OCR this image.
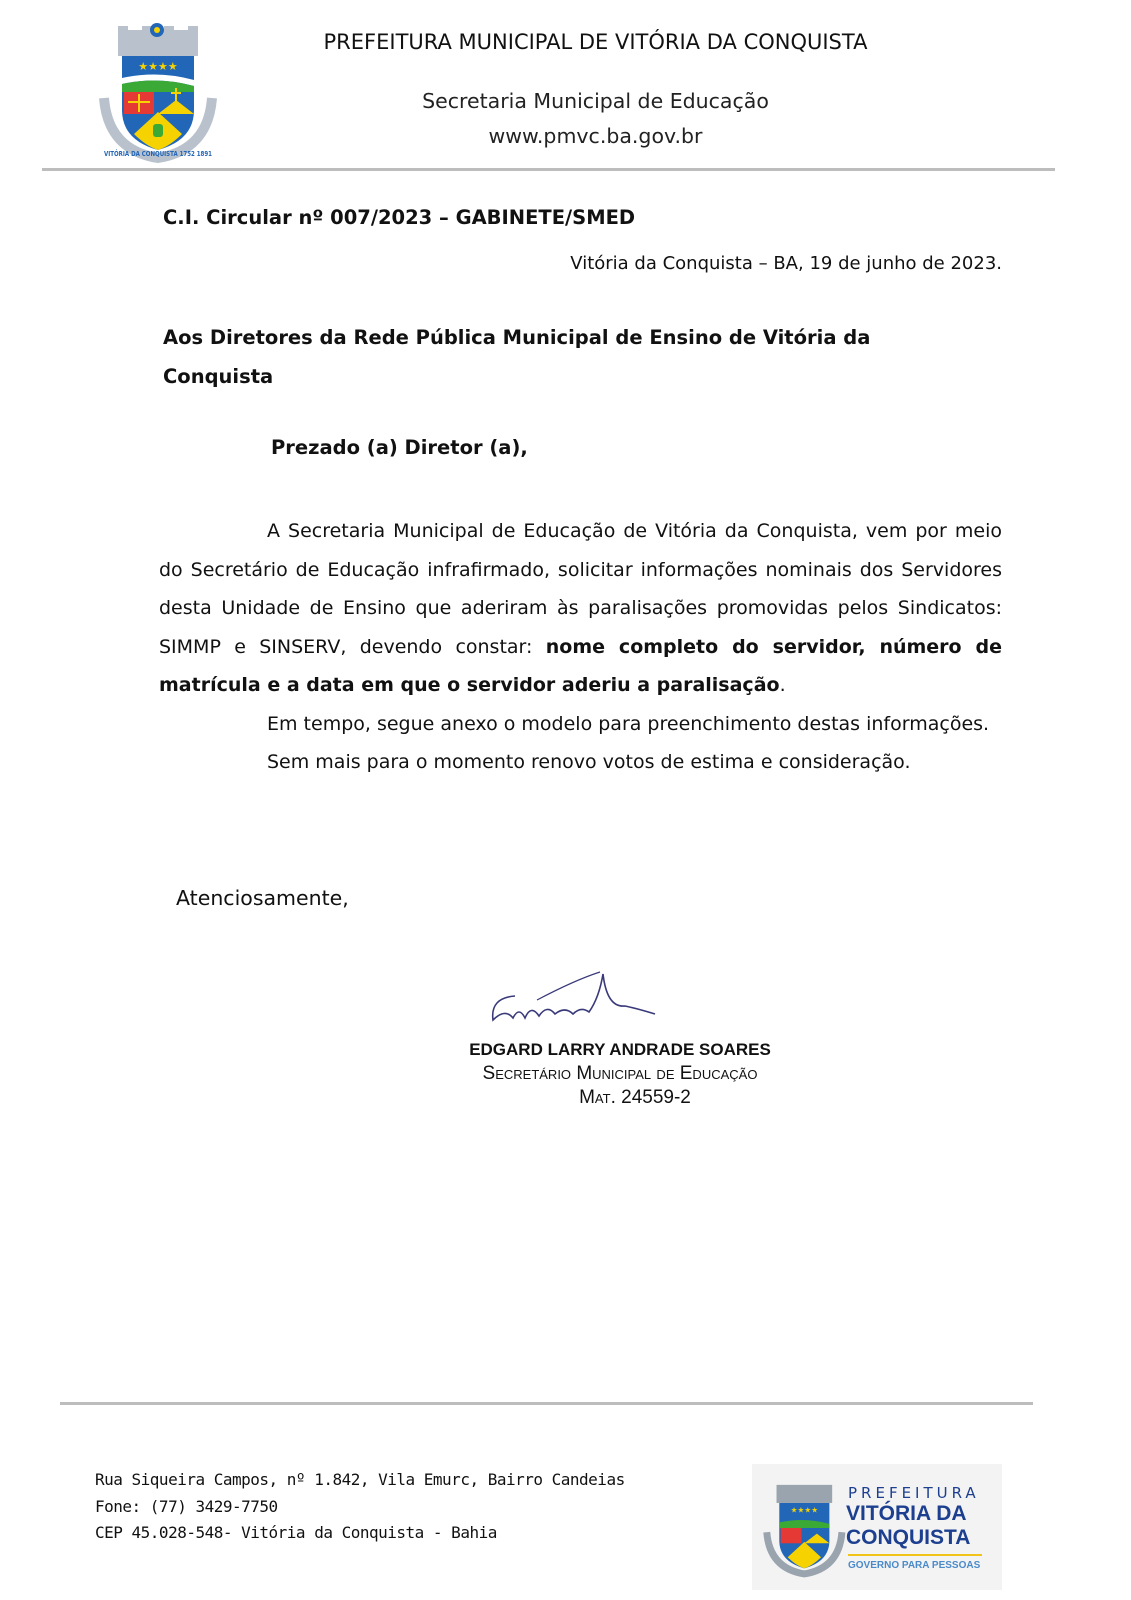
★★★★
VITÓRIA DA CONQUISTA 1752 1891
PREFEITURA MUNICIPAL DE VITÓRIA DA CONQUISTA
Secretaria Municipal de Educação
www.pmvc.ba.gov.br
C.I. Circular nº 007/2023 – GABINETE/SMED
Vitória da Conquista – BA, 19 de junho de 2023.
Aos Diretores da Rede Pública Municipal de Ensino de Vitória da Conquista
Prezado (a) Diretor (a),

A Secretaria Municipal de Educação de Vitória da Conquista, vem por meio do Secretário de Educação infrafirmado, solicitar informações nominais dos Servidores desta Unidade de Ensino que aderiram às paralisações promovidas pelos Sindicatos: SIMMP e SINSERV, devendo constar: nome completo do servidor, número de matrícula e a data em que o servidor aderiu a paralisação.

Em tempo, segue anexo o modelo para preenchimento destas informações.

Sem mais para o momento renovo votos de estima e consideração.

Atenciosamente,
EDGARD LARRY ANDRADE SOARES
Secretário Municipal de Educação
Mat. 24559-2
Rua Siqueira Campos, nº 1.842, Vila Emurc, Bairro Candeias
Fone: (77) 3429-7750
CEP 45.028-548- Vitória da Conquista - Bahia
★★★★
PREFEITURA
VITÓRIA DA
CONQUISTA
GOVERNO PARA PESSOAS
